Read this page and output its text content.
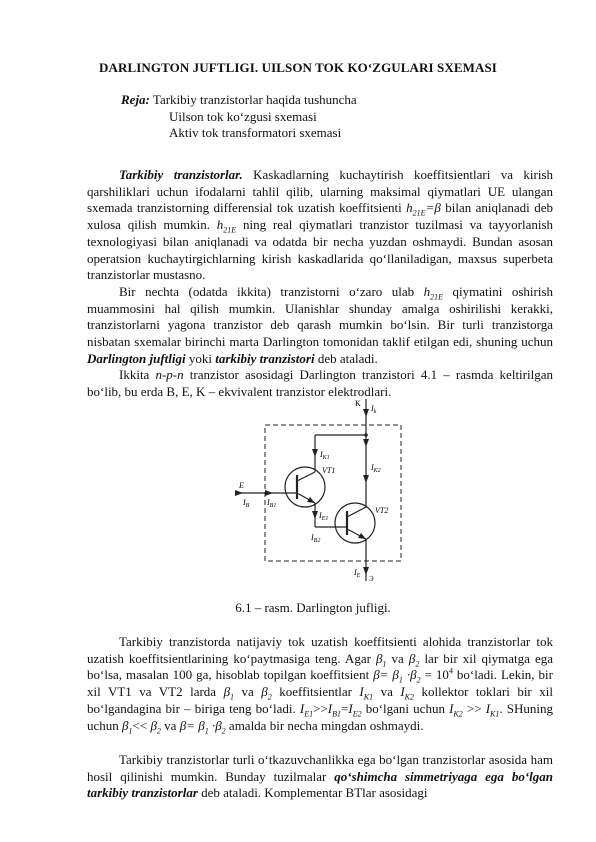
DARLINGTON JUFTLIGI. UILSON TOK KO‘ZGULARI SXEMASI
Reja: Tarkibiy tranzistorlar haqida tushuncha
Uilson tok ko‘zgusi sxemasi
Aktiv tok transformatori sxemasi

Tarkibiy tranzistorlar. Kaskadlarning kuchaytirish koeffitsientlari va kirish qarshiliklari uchun ifodalarni tahlil qilib, ularning maksimal qiymatlari UE ulangan sxemada tranzistorning differensial tok uzatish koeffitsienti $h_{21E}=\beta$ bilan aniqlanadi deb xulosa qilish mumkin. $h_{21E}$ ning real qiymatlari tranzistor tuzilmasi va tayyorlanish texnologiyasi bilan aniqlanadi va odatda bir necha yuzdan oshmaydi. Bundan asosan operatsion kuchaytirgichlarning kirish kaskadlarida qo‘llaniladigan, maxsus superbeta tranzistorlar mustasno.

Bir nechta (odatda ikkita) tranzistorni o‘zaro ulab $h_{21E}$ qiymatini oshirish muammosini hal qilish mumkin. Ulanishlar shunday amalga oshirilishi kerakki, tranzistorlarni yagona tranzistor deb qarash mumkin bo‘lsin. Bir turli tranzistorga nisbatan sxemalar birinchi marta Darlington tomonidan taklif etilgan edi, shuning uchun Darlington juftligi yoki tarkibiy tranzistori deb ataladi.

Ikkita n-p-n tranzistor asosidagi Darlington tranzistori 4.1 – rasmda keltirilgan bo‘lib, bu erda B, E, K – ekvivalent tranzistor elektrodlari.

K
$I_k$
$I_{K1}$
VT1	$I_{K2}$
E
$I_B$ $I_{B1}$
$I_{E1}$
VT2
$I_{B2}$
$I_E$ Э
6.1 – rasm. Darlington jufligi.

Tarkibiy tranzistorda natijaviy tok uzatish koeffitsienti alohida tranzistorlar tok uzatish koeffitsientlarining ko‘paytmasiga teng. Agar $\beta_1$ va $\beta_2$ lar bir xil qiymatga ega bo‘lsa, masalan 100 ga, hisoblab topilgan koeffitsient $\beta= \beta_1 \cdot\beta_2 = 10^4$ bo‘ladi. Lekin, bir xil VT1 va VT2 larda $\beta_1$ va $\beta_2$ koeffitsientlar $I_{K1}$ va $I_{K2}$ kollektor toklari bir xil bo‘lgandagina bir – biriga teng bo‘ladi. $I_{E1}>>I_{B1}=I_{E2}$ bo‘lgani uchun $I_{K2} >> I_{K1}$. SHuning uchun $\beta_1<< \beta_2$ va $\beta= \beta_1 \cdot\beta_2$ amalda bir necha mingdan oshmaydi.

Tarkibiy tranzistorlar turli o‘tkazuvchanlikka ega bo‘lgan tranzistorlar asosida ham hosil qilinishi mumkin. Bunday tuzilmalar qo‘shimcha simmetriyaga ega bo‘lgan tarkibiy tranzistorlar deb ataladi. Komplementar BTlar asosidagi
